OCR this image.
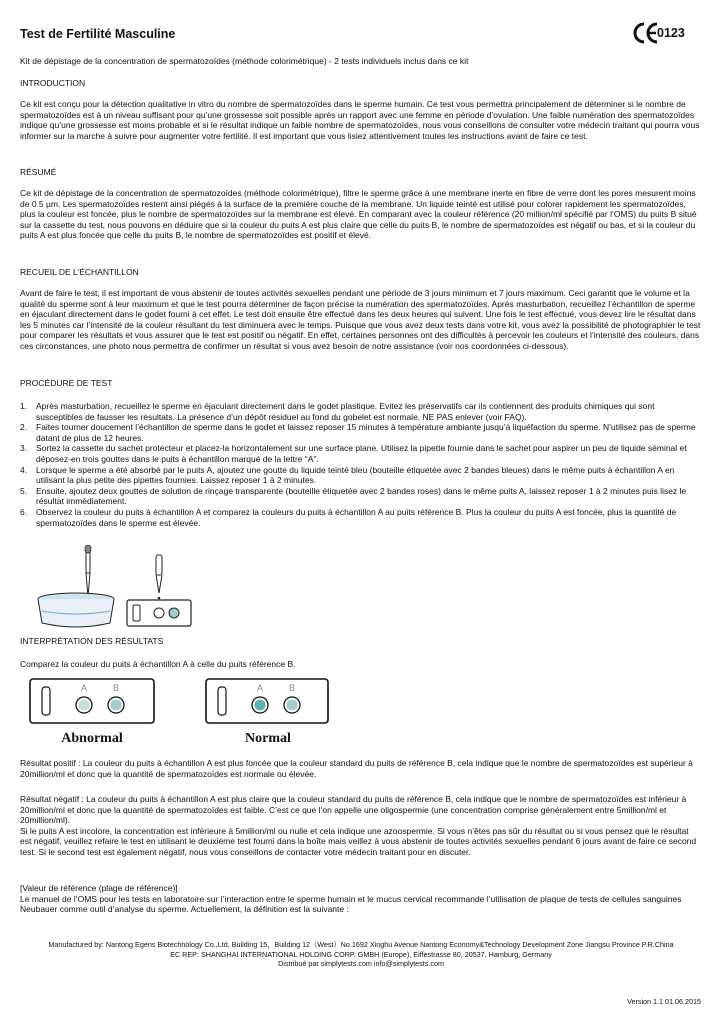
Test de Fertilité Masculine	0123
Kit de dépistage de la concentration de spermatozoïdes (méthode colorimétrique) - 2 tests individuels inclus dans ce kit
INTRODUCTION
Ce kit est conçu pour la détection qualitative in vitro du nombre de spermatozoïdes dans le sperme humain. Ce test vous permettra principalement de déterminer si le nombre de spermatozoïdes est à un niveau suffisant pour qu’une grossesse soit possible après un rapport avec une femme en période d’ovulation. Une faible numération des spermatozoïdes indique qu’une grossesse est moins probable et si le résultat indique un faible nombre de spermatozoïdes, nous vous conseillons de consulter votre médecin traitant qui pourra vous informer sur la marche à suivre pour augmenter votre fertilité. Il est important que vous lisiez attentivement toutes les instructions avant de faire ce test.
RÉSUMÉ
Ce kit de dépistage de la concentration de spermatozoïdes (méthode colorimétrique), filtre le sperme grâce à une membrane inerte en fibre de verre dont les pores mesurent moins de 0.5 µm. Les spermatozoïdes restent ainsi piégés à la surface de la première couche de la membrane. Un liquide teinté est utilisé pour colorer rapidement les spermatozoïdes, plus la couleur est foncée, plus le nombre de spermatozoïdes sur la membrane est élevé. En comparant avec la couleur référence (20 million/ml spécifié par l’OMS) du puits B situé sur la cassette du test, nous pouvons en déduire que si la couleur du puits A est plus claire que celle du puits B, le nombre de spermatozoïdes est négatif ou bas, et si la couleur du puits A est plus foncée que celle du puits B, le nombre de spermatozoïdes est positif et élevé.
RECUEIL DE L’ÉCHANTILLON
Avant de faire le test, il est important de vous abstenir de toutes activités sexuelles pendant une période de 3 jours minimum et 7 jours maximum. Ceci garantit que le volume et la qualité du sperme sont à leur maximum et que le test pourra déterminer de façon précise la numération des spermatozoïdes. Après masturbation, recueillez l’échantillon de sperme en éjaculant directement dans le godet fourni à cet effet. Le test doit ensuite être effectué dans les deux heures qui suivent. Une fois le test effectué, vous devez lire le résultat dans les 5 minutes car l’intensité de la couleur résultant du test diminuera avec le temps. Puisque que vous avez deux tests dans votre kit, vous avez la possibilité de photographier le test pour comparer les résultats et vous assurer que le test est positif ou négatif. En effet, certaines personnes ont des difficultés à percevoir les couleurs et l’intensité des couleurs, dans ces circonstances, une photo nous permettra de confirmer un résultat si vous avez besoin de notre assistance (voir nos coordonnées ci-dessous).
PROCÉDURE DE TEST
1. Après masturbation, recueillez le sperme en éjaculant directement dans le godet plastique. Evitez les préservatifs car ils contiennent des produits chimiques qui sont susceptibles de fausser les résultats. La présence d’un dépôt résiduel au fond du gobelet est normale, NE PAS enlever (voir FAQ).
2. Faites tourner doucement l’échantillon de sperme dans le godet et laissez reposer 15 minutes à température ambiante jusqu’à liquéfaction du sperme. N’utilisez pas de sperme datant de plus de 12 heures.
3. Sortez la cassette du sachet protecteur et placez-la horizontalement sur une surface plane. Utilisez la pipette fournie dans le sachet pour aspirer un peu de liquide séminal et déposez-en trois gouttes dans le puits à échantillon marqué de la lettre “A”.
4. Lorsque le sperme a été absorbé par le puits A, ajoutez une goutte du liquide teinté bleu (bouteille étiquetée avec 2 bandes bleues) dans le même puits à échantillon A en utilisant la plus petite des pipettes fournies. Laissez reposer 1 à 2 minutes.
5. Ensuite, ajoutez deux gouttes de solution de rinçage transparente (bouteille étiquetée avec 2 bandes roses) dans le même puits A, laissez reposer 1 à 2 minutes puis lisez le résultat immédiatement.
6. Observez la couleur du puits à échantillon A et comparez la couleurs du puits à échantillon A au puits référence B. Plus la couleur du puits A est foncée, plus la quantité de spermatozoïdes dans le sperme est élevée.
INTERPRÉTATION DES RÉSULTATS
Comparez la couleur du puits à échantillon A à celle du puits référence B.
A	B
Abnormal
A	B
Normal
Résultat positif : La couleur du puits à échantillon A est plus foncée que la couleur standard du puits de référence B, cela indique que le nombre de spermatozoïdes est supérieur à 20million/ml et donc que la quantité de spermatozoïdes est normale ou élevée.

Résultat négatif : La couleur du puits à échantillon A est plus claire que la couleur standard du puits de référence B, cela indique que le nombre de spermatozoïdes est inférieur à 20million/ml et donc que la quantité de spermatozoïdes est faible. C’est ce que l’on appelle une oligospermie (une concentration comprise généralement entre 5million/ml et 20million/ml).

Si le puits A est incolore, la concentration est inférieure à 5million/ml ou nulle et cela indique une azoospermie. Si vous n’êtes pas sûr du résultat ou si vous pensez que le résultat est négatif, veuillez refaire le test en utilisant le deuxième test fourni dans la boîte mais veillez à vous abstenir de toutes activités sexuelles pendant 6 jours avant de faire ce second test. Si le second test est également négatif, nous vous conseillons de contacter votre médecin traitant pour en discuter.

[Valeur de référence (plage de référence)]

Le manuel de l’OMS pour les tests en laboratoire sur l’interaction entre le sperme humain et le mucus cervical recommande l’utilisation de plaque de tests de cellules sanguines Neubauer comme outil d’analyse du sperme. Actuellement, la définition est la suivante :

Manufactured by: Nantong Egens Biotechnology Co.,Ltd, Building 15，Building 12（West）No.1692 Xinghu Avenue Nantong Economy&Technology Development Zone Jiangsu Province P.R.China
EC REP: SHANGHAI INTERNATIONAL HOLDING CORP. GMBH (Europe), Eiffestrasse 80, 20537, Hamburg, Germany
Distribué par simplytests.com info@simplytests.com
Version 1.1 01.06.2015
